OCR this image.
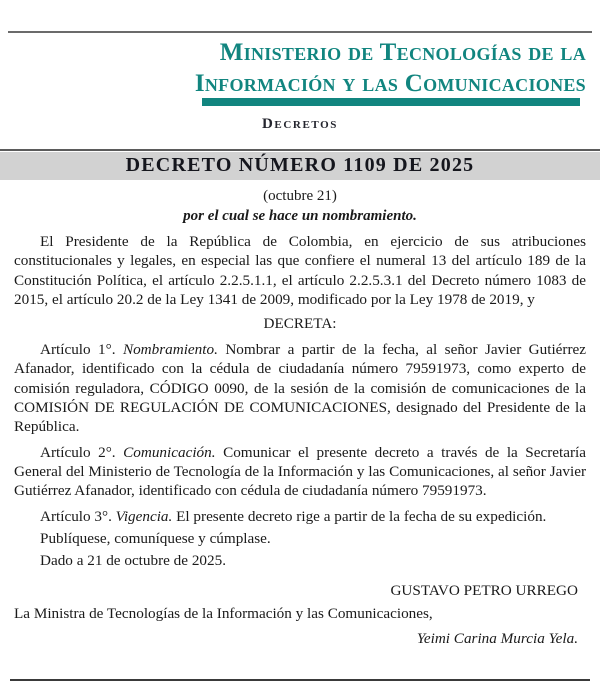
Ministerio de Tecnologías de la
Información y las Comunicaciones
Decretos
DECRETO NÚMERO 1109 DE 2025
(octubre 21)
por el cual se hace un nombramiento.

El Presidente de la República de Colombia, en ejercicio de sus atribuciones constitucionales y legales, en especial las que confiere el numeral 13 del artículo 189 de la Constitución Política, el artículo 2.2.5.1.1, el artículo 2.2.5.3.1 del Decreto número 1083 de 2015, el artículo 20.2 de la Ley 1341 de 2009, modificado por la Ley 1978 de 2019, y

DECRETA:

Artículo 1°. Nombramiento. Nombrar a partir de la fecha, al señor Javier Gutiérrez Afanador, identificado con la cédula de ciudadanía número 79591973, como experto de comisión reguladora, CÓDIGO 0090, de la sesión de la comisión de comunicaciones de la COMISIÓN DE REGULACIÓN DE COMUNICACIONES, designado del Presidente de la República.

Artículo 2°. Comunicación. Comunicar el presente decreto a través de la Secretaría General del Ministerio de Tecnología de la Información y las Comunicaciones, al señor Javier Gutiérrez Afanador, identificado con cédula de ciudadanía número 79591973.

Artículo 3°. Vigencia. El presente decreto rige a partir de la fecha de su expedición.

Publíquese, comuníquese y cúmplase.

Dado a 21 de octubre de 2025.

GUSTAVO PETRO URREGO

La Ministra de Tecnologías de la Información y las Comunicaciones,

Yeimi Carina Murcia Yela.
